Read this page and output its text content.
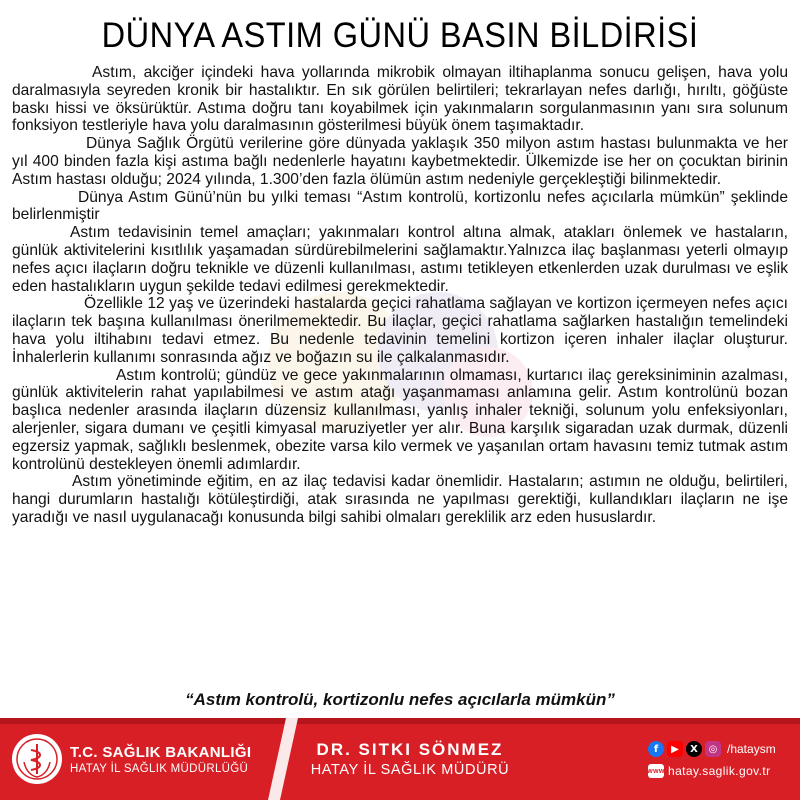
DÜNYA ASTIM GÜNÜ BASIN BİLDİRİSİ

Astım, akciğer içindeki hava yollarında mikrobik olmayan iltihaplanma sonucu gelişen, hava yolu daralmasıyla seyreden kronik bir hastalıktır. En sık görülen belirtileri; tekrarlayan nefes darlığı, hırıltı, göğüste baskı hissi ve öksürüktür. Astıma doğru tanı koyabilmek için yakınmaların sorgulanmasının yanı sıra solunum fonksiyon testleriyle hava yolu daralmasının gösterilmesi büyük önem taşımaktadır.

Dünya Sağlık Örgütü verilerine göre dünyada yaklaşık 350 milyon astım hastası bulunmakta ve her yıl 400 binden fazla kişi astıma bağlı nedenlerle hayatını kaybetmektedir. Ülkemizde ise her on çocuktan birinin Astım hastası olduğu; 2024 yılında, 1.300’den fazla ölümün astım nedeniyle gerçekleştiği bilinmektedir.

Dünya Astım Günü’nün bu yılki teması “Astım kontrolü, kortizonlu nefes açıcılarla mümkün” şeklinde belirlenmiştir

Astım tedavisinin temel amaçları; yakınmaları kontrol altına almak, atakları önlemek ve hastaların, günlük aktivitelerini kısıtlılık yaşamadan sürdürebilmelerini sağlamaktır.Yalnızca ilaç başlanması yeterli olmayıp nefes açıcı ilaçların doğru teknikle ve düzenli kullanılması, astımı tetikleyen etkenlerden uzak durulması ve eşlik eden hastalıkların uygun şekilde tedavi edilmesi gerekmektedir.

Özellikle 12 yaş ve üzerindeki hastalarda geçici rahatlama sağlayan ve kortizon içermeyen nefes açıcı ilaçların tek başına kullanılması önerilmemektedir. Bu ilaçlar, geçici rahatlama sağlarken hastalığın temelindeki hava yolu iltihabını tedavi etmez. Bu nedenle tedavinin temelini kortizon içeren inhaler ilaçlar oluşturur. İnhalerlerin kullanımı sonrasında ağız ve boğazın su ile çalkalanmasıdır.

Astım kontrolü; gündüz ve gece yakınmalarının olmaması, kurtarıcı ilaç gereksiniminin azalması, günlük aktivitelerin rahat yapılabilmesi ve astım atağı yaşanmaması anlamına gelir. Astım kontrolünü bozan başlıca nedenler arasında ilaçların düzensiz kullanılması, yanlış inhaler tekniği, solunum yolu enfeksiyonları, alerjenler, sigara dumanı ve çeşitli kimyasal maruziyetler yer alır. Buna karşılık sigaradan uzak durmak, düzenli egzersiz yapmak, sağlıklı beslenmek, obezite varsa kilo vermek ve yaşanılan ortam havasını temiz tutmak astım kontrolünü destekleyen önemli adımlardır.

Astım yönetiminde eğitim, en az ilaç tedavisi kadar önemlidir. Hastaların; astımın ne olduğu, belirtileri, hangi durumların hastalığı kötüleştirdiği, atak sırasında ne yapılması gerektiği, kullandıkları ilaçların ne işe yaradığı ve nasıl uygulanacağı konusunda bilgi sahibi olmaları gereklilik arz eden hususlardır.

“Astım kontrolü, kortizonlu nefes açıcılarla mümkün”
T.C. SAĞLIK BAKANLIĞI
HATAY İL SAĞLIK MÜDÜRLÜĞÜ
DR. SITKI SÖNMEZ
HATAY İL SAĞLIK MÜDÜRÜ
f	▶	X	◎ /hataysm
www hatay.saglik.gov.tr
